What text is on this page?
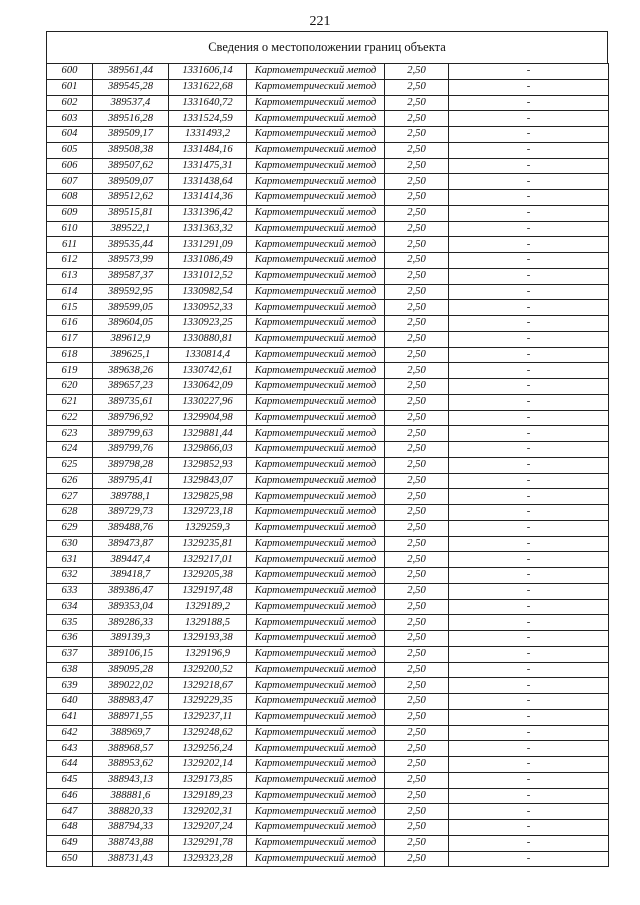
221
Сведения о местоположении границ объекта
600	389561,44	1331606,14	Картометрический метод	2,50	-
601	389545,28	1331622,68	Картометрический метод	2,50	-
602	389537,4	1331640,72	Картометрический метод	2,50	-
603	389516,28	1331524,59	Картометрический метод	2,50	-
604	389509,17	1331493,2	Картометрический метод	2,50	-
605	389508,38	1331484,16	Картометрический метод	2,50	-
606	389507,62	1331475,31	Картометрический метод	2,50	-
607	389509,07	1331438,64	Картометрический метод	2,50	-
608	389512,62	1331414,36	Картометрический метод	2,50	-
609	389515,81	1331396,42	Картометрический метод	2,50	-
610	389522,1	1331363,32	Картометрический метод	2,50	-
611	389535,44	1331291,09	Картометрический метод	2,50	-
612	389573,99	1331086,49	Картометрический метод	2,50	-
613	389587,37	1331012,52	Картометрический метод	2,50	-
614	389592,95	1330982,54	Картометрический метод	2,50	-
615	389599,05	1330952,33	Картометрический метод	2,50	-
616	389604,05	1330923,25	Картометрический метод	2,50	-
617	389612,9	1330880,81	Картометрический метод	2,50	-
618	389625,1	1330814,4	Картометрический метод	2,50	-
619	389638,26	1330742,61	Картометрический метод	2,50	-
620	389657,23	1330642,09	Картометрический метод	2,50	-
621	389735,61	1330227,96	Картометрический метод	2,50	-
622	389796,92	1329904,98	Картометрический метод	2,50	-
623	389799,63	1329881,44	Картометрический метод	2,50	-
624	389799,76	1329866,03	Картометрический метод	2,50	-
625	389798,28	1329852,93	Картометрический метод	2,50	-
626	389795,41	1329843,07	Картометрический метод	2,50	-
627	389788,1	1329825,98	Картометрический метод	2,50	-
628	389729,73	1329723,18	Картометрический метод	2,50	-
629	389488,76	1329259,3	Картометрический метод	2,50	-
630	389473,87	1329235,81	Картометрический метод	2,50	-
631	389447,4	1329217,01	Картометрический метод	2,50	-
632	389418,7	1329205,38	Картометрический метод	2,50	-
633	389386,47	1329197,48	Картометрический метод	2,50	-
634	389353,04	1329189,2	Картометрический метод	2,50	-
635	389286,33	1329188,5	Картометрический метод	2,50	-
636	389139,3	1329193,38	Картометрический метод	2,50	-
637	389106,15	1329196,9	Картометрический метод	2,50	-
638	389095,28	1329200,52	Картометрический метод	2,50	-
639	389022,02	1329218,67	Картометрический метод	2,50	-
640	388983,47	1329229,35	Картометрический метод	2,50	-
641	388971,55	1329237,11	Картометрический метод	2,50	-
642	388969,7	1329248,62	Картометрический метод	2,50	-
643	388968,57	1329256,24	Картометрический метод	2,50	-
644	388953,62	1329202,14	Картометрический метод	2,50	-
645	388943,13	1329173,85	Картометрический метод	2,50	-
646	388881,6	1329189,23	Картометрический метод	2,50	-
647	388820,33	1329202,31	Картометрический метод	2,50	-
648	388794,33	1329207,24	Картометрический метод	2,50	-
649	388743,88	1329291,78	Картометрический метод	2,50	-
650	388731,43	1329323,28	Картометрический метод	2,50	-
